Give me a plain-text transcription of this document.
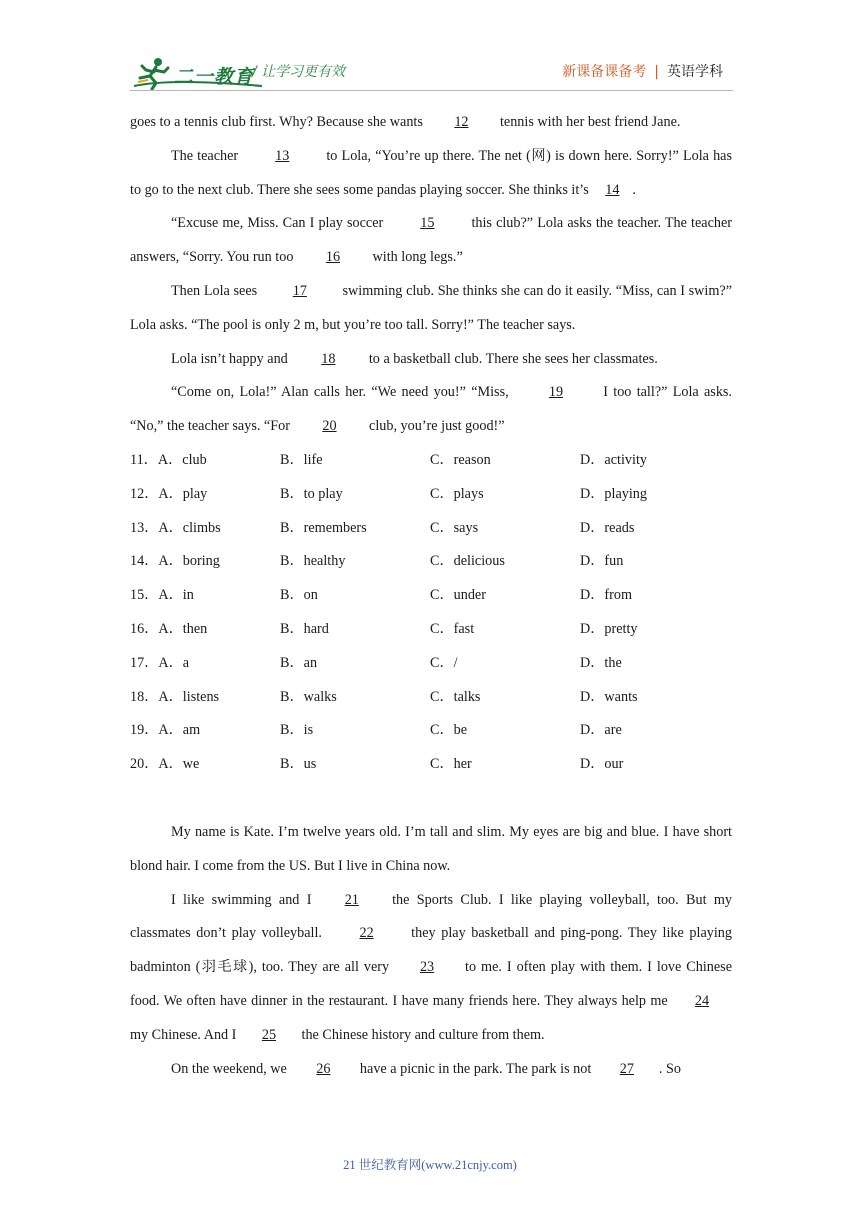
二一教育
/ 让学习更有效	新课备课备考 | 英语学科

goes to a tennis club first. Why? Because she wants 12 tennis with her best friend Jane.

The teacher 13 to Lola, “You’re up there. The net (网) is down here. Sorry!” Lola has to go to the next club. There she sees some pandas playing soccer. She thinks it’s 14 .

“Excuse me, Miss. Can I play soccer 15 this club?” Lola asks the teacher. The teacher answers, “Sorry. You run too 16 with long legs.”

Then Lola sees 17 swimming club. She thinks she can do it easily. “Miss, can I swim?” Lola asks. “The pool is only 2 m, but you’re too tall. Sorry!” The teacher says.

Lola isn’t happy and 18 to a basketball club. There she sees her classmates.

“Come on, Lola!” Alan calls her. “We need you!” “Miss, 19 I too tall?” Lola asks. “No,” the teacher says. “For 20 club, you’re just good!”

11．A．club	B．life	C．reason	D．activity
12．A．play	B．to play	C．plays	D．playing
13．A．climbs	B．remembers	C．says	D．reads
14．A．boring	B．healthy	C．delicious	D．fun
15．A．in	B．on	C．under	D．from
16．A．then	B．hard	C．fast	D．pretty
17．A．a	B．an	C．/	D．the
18．A．listens	B．walks	C．talks	D．wants
19．A．am	B．is	C．be	D．are
20．A．we	B．us	C．her	D．our

My name is Kate. I’m twelve years old. I’m tall and slim. My eyes are big and blue. I have short blond hair. I come from the US. But I live in China now.

I like swimming and I 21 the Sports Club. I like playing volleyball, too. But my classmates don’t play volleyball. 22 they play basketball and ping-pong. They like playing badminton (羽毛球), too. They are all very 23 to me. I often play with them. I love Chinese food. We often have dinner in the restaurant. I have many friends here. They always help me 24 my Chinese. And I 25 the Chinese history and culture from them.

On the weekend, we 26 have a picnic in the park. The park is not 27 . So

21 世纪教育网(www.21cnjy.com)
